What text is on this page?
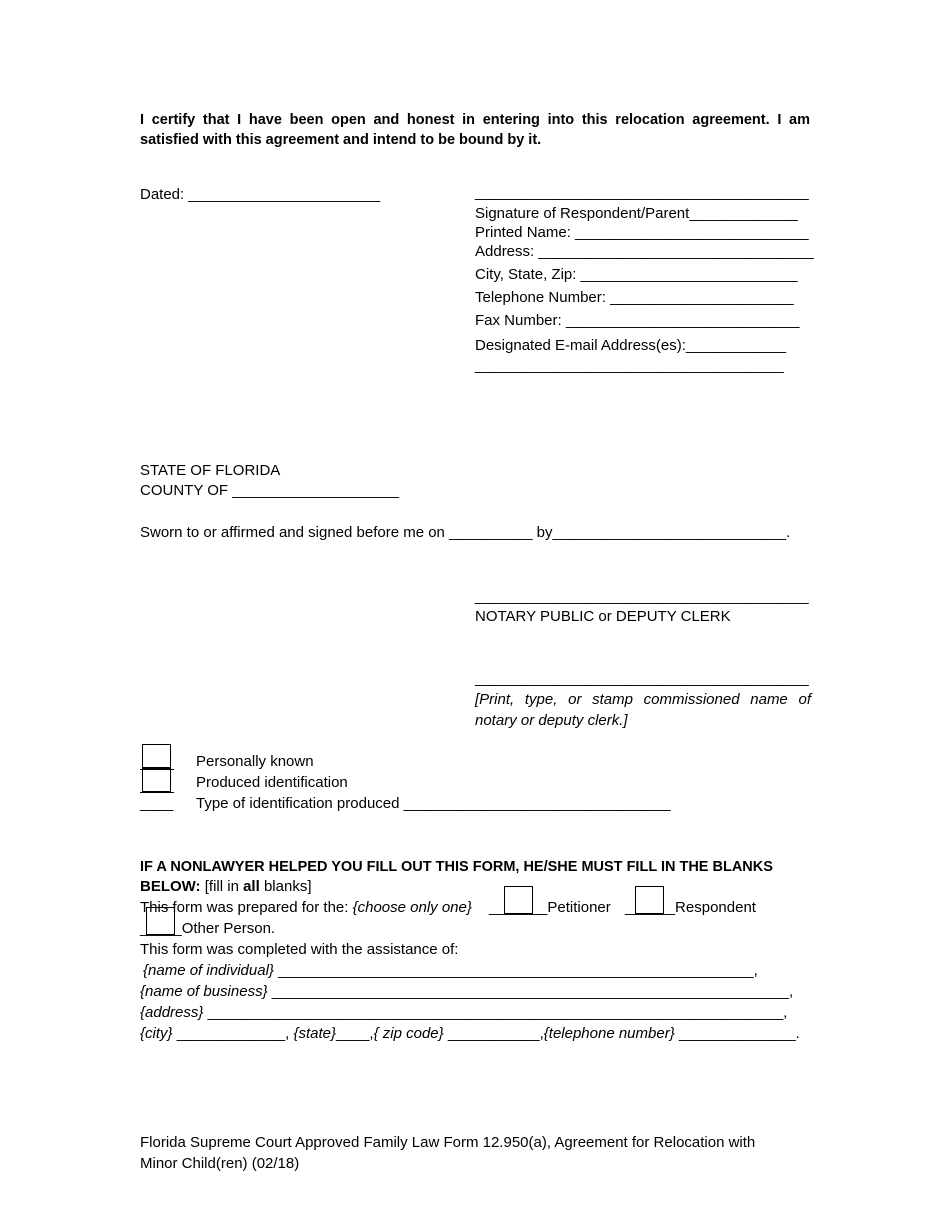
I certify that I have been open and honest in entering into this relocation agreement. I am
satisfied with this agreement and intend to be bound by it.
Dated: _______________________	________________________________________
Signature of Respondent/Parent_____________
Printed Name: ____________________________
Address: _________________________________
City, State, Zip: __________________________
Telephone Number: ______________________
Fax Number: ____________________________
Designated E-mail Address(es):____________
_____________________________________
STATE OF FLORIDA
COUNTY OF ____________________
Sworn to or affirmed and signed before me on __________ by____________________________.
________________________________________
NOTARY PUBLIC or DEPUTY CLERK
________________________________________
[Print, type, or stamp commissioned name of
notary or deputy clerk.]
Personally known
Produced identification
____ Type of identification produced ________________________________
IF A NONLAWYER HELPED YOU FILL OUT THIS FORM, HE/SHE MUST FILL IN THE BLANKS
BELOW: [fill in all blanks]
This form was prepared for the: {choose only one} _______Petitioner ______Respondent
_____Other Person.
This form was completed with the assistance of:
{name of individual} _________________________________________________________,
{name of business} ______________________________________________________________,
{address} _____________________________________________________________________,
{city} _____________, {state}____,{ zip code} ___________,{telephone number} ______________.
Florida Supreme Court Approved Family Law Form 12.950(a), Agreement for Relocation with
Minor Child(ren) (02/18)
